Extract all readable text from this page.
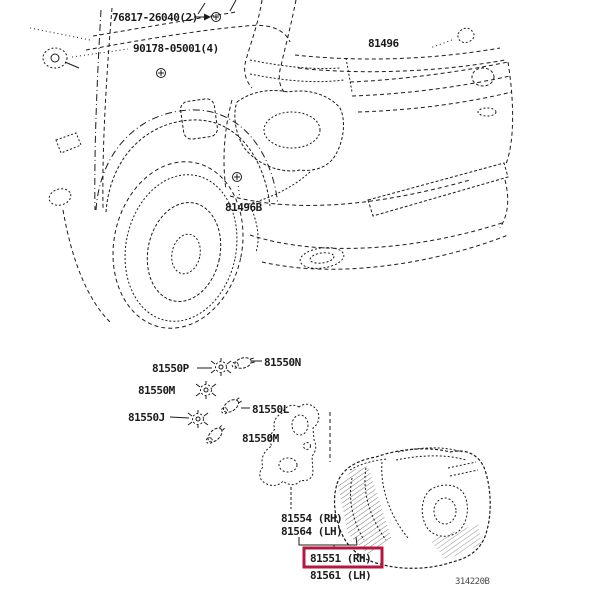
76817-26040(2)
90178-05001(4)	81496
81496B
81550P	81550N
81550M
81550L
81550J
81550M
81554 (RH)
81564 (LH)
81551 (RH)
81561 (LH)	314220B
